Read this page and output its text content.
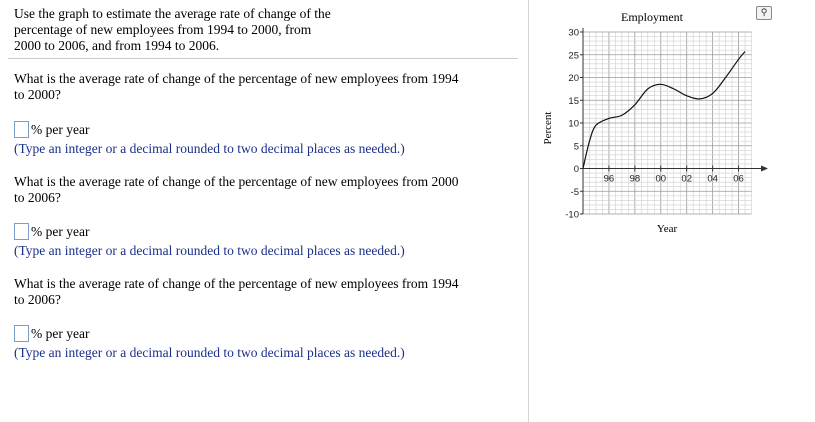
Use the graph to estimate the average rate of change of the
percentage of new employees from 1994 to 2000, from
2000 to 2006, and from 1994 to 2006.
What is the average rate of change of the percentage of new employees from 1994
to 2000?
% per year
(Type an integer or a decimal rounded to two decimal places as needed.)
What is the average rate of change of the percentage of new employees from 2000
to 2006?
% per year
(Type an integer or a decimal rounded to two decimal places as needed.)
What is the average rate of change of the percentage of new employees from 1994
to 2006?
% per year
(Type an integer or a decimal rounded to two decimal places as needed.)
⚲
Employment
Year
Percent
30
25
20
15
10
5
0
-5
-10
96 98 00 02 04 06
